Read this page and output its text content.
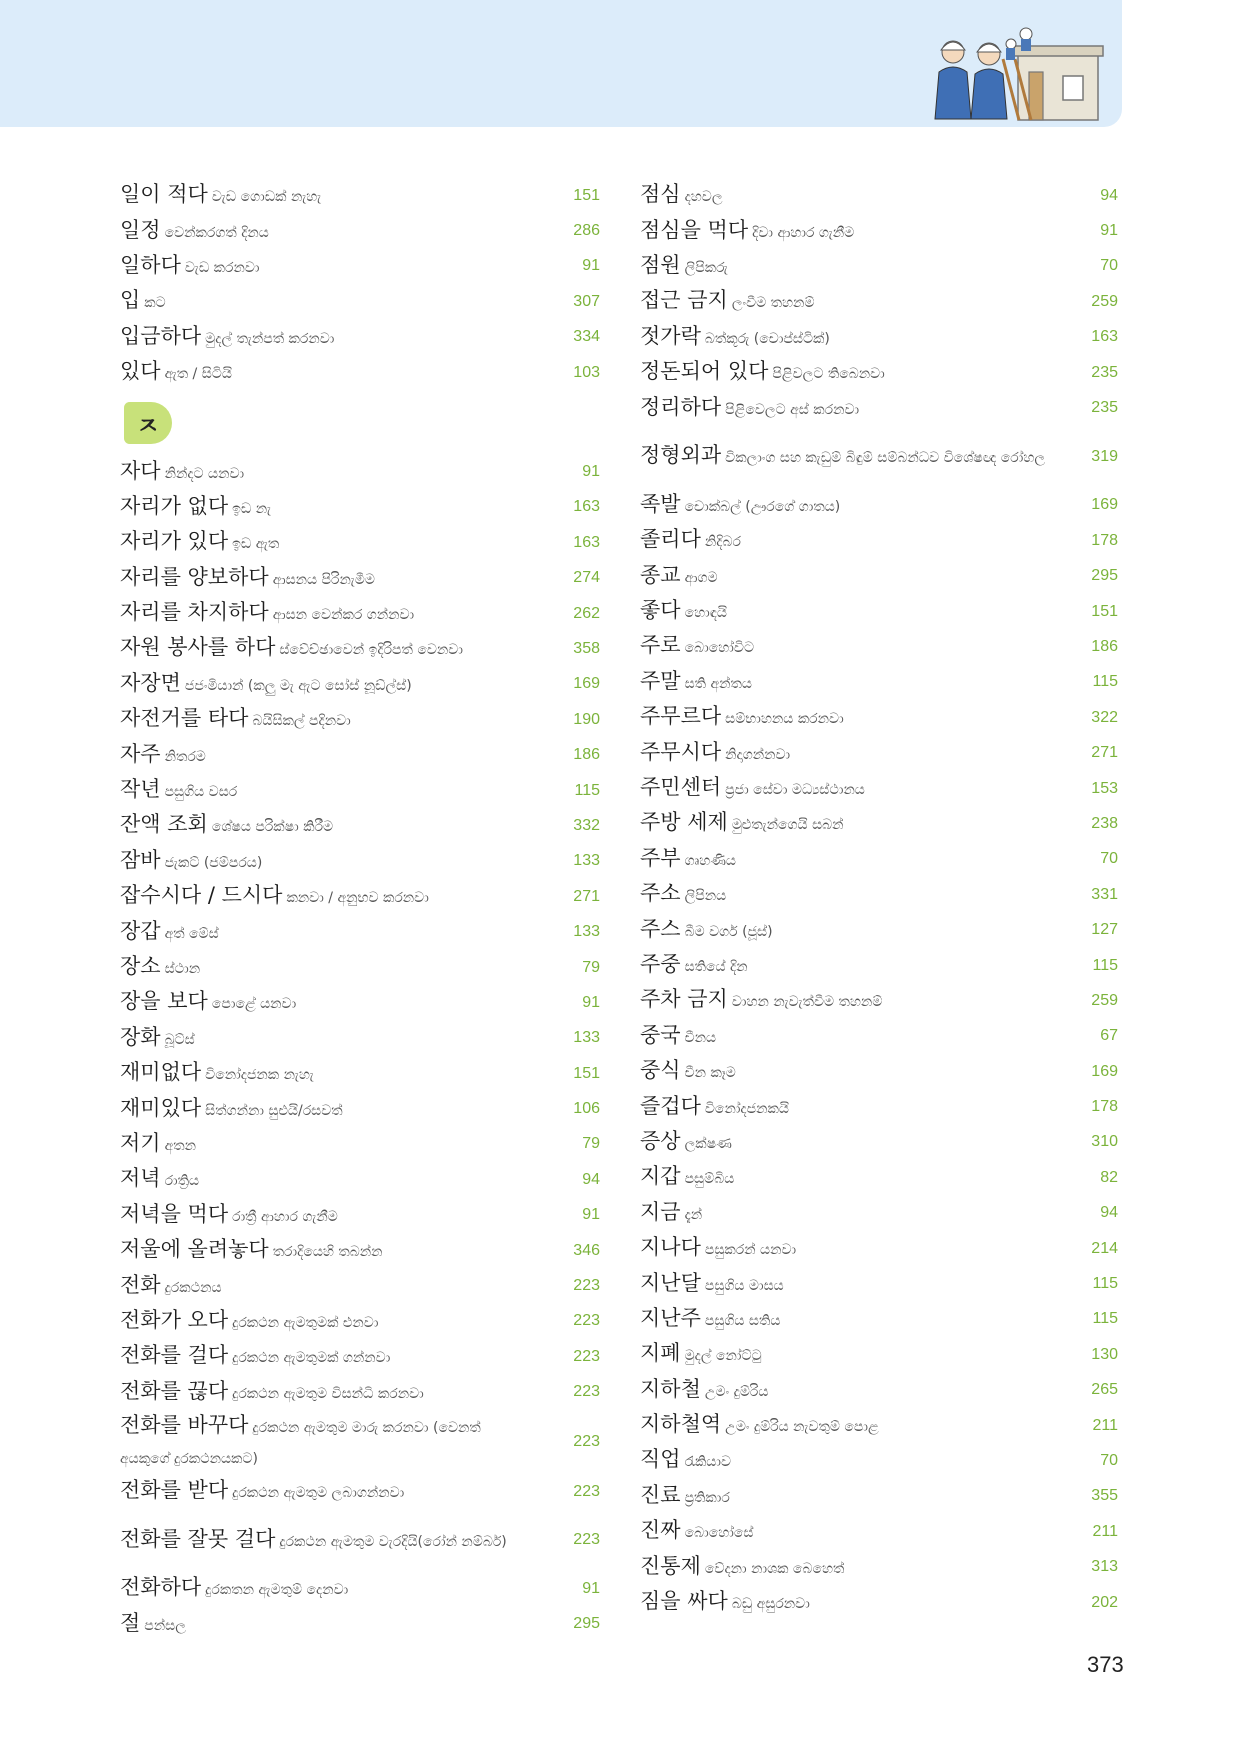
일이 적다 වැඩ ගොඩක් නැහැ	151
일정 වෙන්කරගත් දිනය	286
일하다 වැඩ කරනවා	91
입කට	307
입금하다 මුදල් තැන්පත් කරනවා	334
있다 ඇත / සිටියි	103
ㅈ
자다 නින්දට යනවා	91
자리가 없다 ඉඩ නැ	163
자리가 있다 ඉඩ ඇත	163
자리를 양보하다 ආසනය පිරිනැමීම	274
자리를 차지하다 ආසන වෙන්කර ගන්නවා	262
자원 봉사를 하다 ස්වේච්ඡාවෙන් ඉදිරිපත් වෙනවා	358
자장면 ජජංමියාන් (කලු මැ ඇට සෝස් නූඩ්ල්ස්)	169
자전거를 타다 බයිසිකල් පදිනවා	190
자주 නිතරම	186
작년 පසුගිය වසර	115
잔액 조회 ශේෂය පරික්ෂා කිරීම	332
잠바 ජැකට් (ජම්පරය)	133
잡수시다 / 드시다 කනවා / අනුභව කරනවා	271
장갑 අත් මේස්	133
장소 ස්ථාන	79
장을 보다 පොළේ යනවා	91
장화 බූට්ස්	133
재미없다 විනෝදජනක නැහැ	151
재미있다 සිත්ගන්නා සුළුයි/රසවත්	106
저기 අතන	79
저녁 රාත්‍රිය	94
저녁을 먹다 රාත්‍රී ආහාර ගැනීම	91
저울에 올려놓다 තරාදියෙහි තබන්න	346
전화 දුරකථනය	223
전화가 오다 දුරකථන ඇමතුමක් එනවා	223
전화를 걸다 දුරකථන ඇමතුමක් ගන්නවා	223
전화를 끊다 දුරකථන ඇමතුම විසන්ධි කරනවා	223
전화를 바꾸다 දුරකථන ඇමතුම මාරු කරනවා (වෙනත් අයකුගේ දුරකථනයකට)
223
전화를 받다 දුරකථන ඇමතුම ලබාගන්නවා	223
전화를 잘못 걸다 දුරකථන ඇමතුම වැරදියි(රෝන් නම්බර්)	223
전화하다 දුරකතන ඇමතුම් දෙනවා	91
절පන්සල	295
점심 දහවල	94
점심을 먹다 දිවා ආහාර ගැනීම	91
점원 ලිපිකරු	70
접근 금지 ලංවීම තහනම්	259
젓가락 බත්කූරු (චොප්ස්ටික්)	163
정돈되어 있다 පිළිවලට තිබෙනවා	235
정리하다 පිළිවෙලට අස් කරනවා	235
정형외과 විකලාංග සහ කැඩුම් බිඳුම් සම්බන්ධව විශේෂඥ රෝහල	319
족발 චොක්බල් (ඌරගේ ගාතය)	169
졸리다 නිදිබර	178
종교 ආගම	295
좋다 හොඳයි	151
주로 බොහෝවිට	186
주말 සති අන්තය	115
주무르다 සම්භාහනය කරනවා	322
주무시다 නිදාගන්නවා	271
주민센터 ප්‍රජා සේවා මධ්‍යස්ථානය	153
주방 세제 මුළුතැන්ගෙයි සබන්	238
주부 ගෘහණිය	70
주소 ලිපිනය	331
주스 බීම වර්ග (ජූස්)	127
주중 සතියේ දින	115
주차 금지 වාහන නැවැත්වීම තහනම්	259
중국 චීනය	67
중식 චීන කෑම	169
즐겁다 විනෝදජනකයි	178
증상 ලක්ෂණ	310
지갑 පසුම්බිය	82
지금 දැන්	94
지나다 පසුකරන් යනවා	214
지난달 පසුගිය මාසය	115
지난주 පසුගිය සතිය	115
지폐 මුදල් නෝට්ටු	130
지하철 උමං දුම්රිය	265
지하철역 උමං දුම්රිය නැවතුම් පොළ	211
직업 රැකියාව	70
진료 ප්‍රතිකාර	355
진짜 බොහෝසේ	211
진통제 වේදනා නාශක බෙහෙත්	313
짐을 싸다 බඩු අසුරනවා	202
373
